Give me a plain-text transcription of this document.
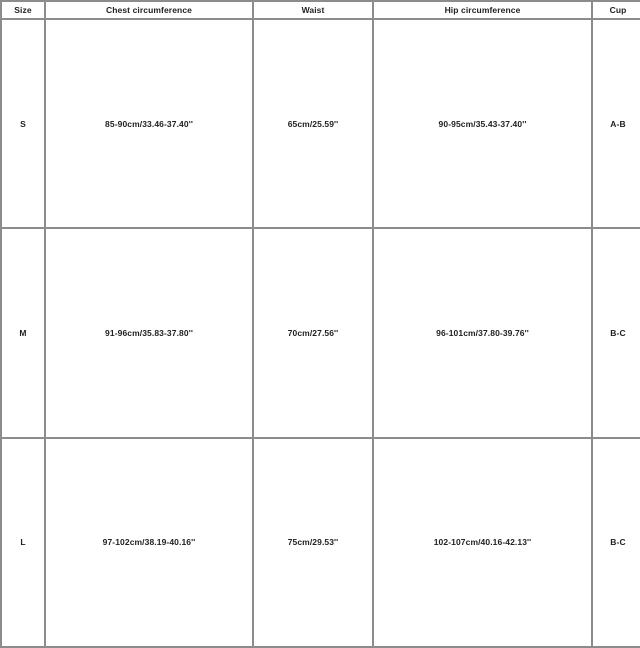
Size	Chest circumference	Waist	Hip circumference	Cup
S	85-90cm/33.46-37.40''	65cm/25.59''	90-95cm/35.43-37.40''	A-B
M	91-96cm/35.83-37.80''	70cm/27.56''	96-101cm/37.80-39.76''	B-C
L	97-102cm/38.19-40.16''	75cm/29.53''	102-107cm/40.16-42.13''	B-C
